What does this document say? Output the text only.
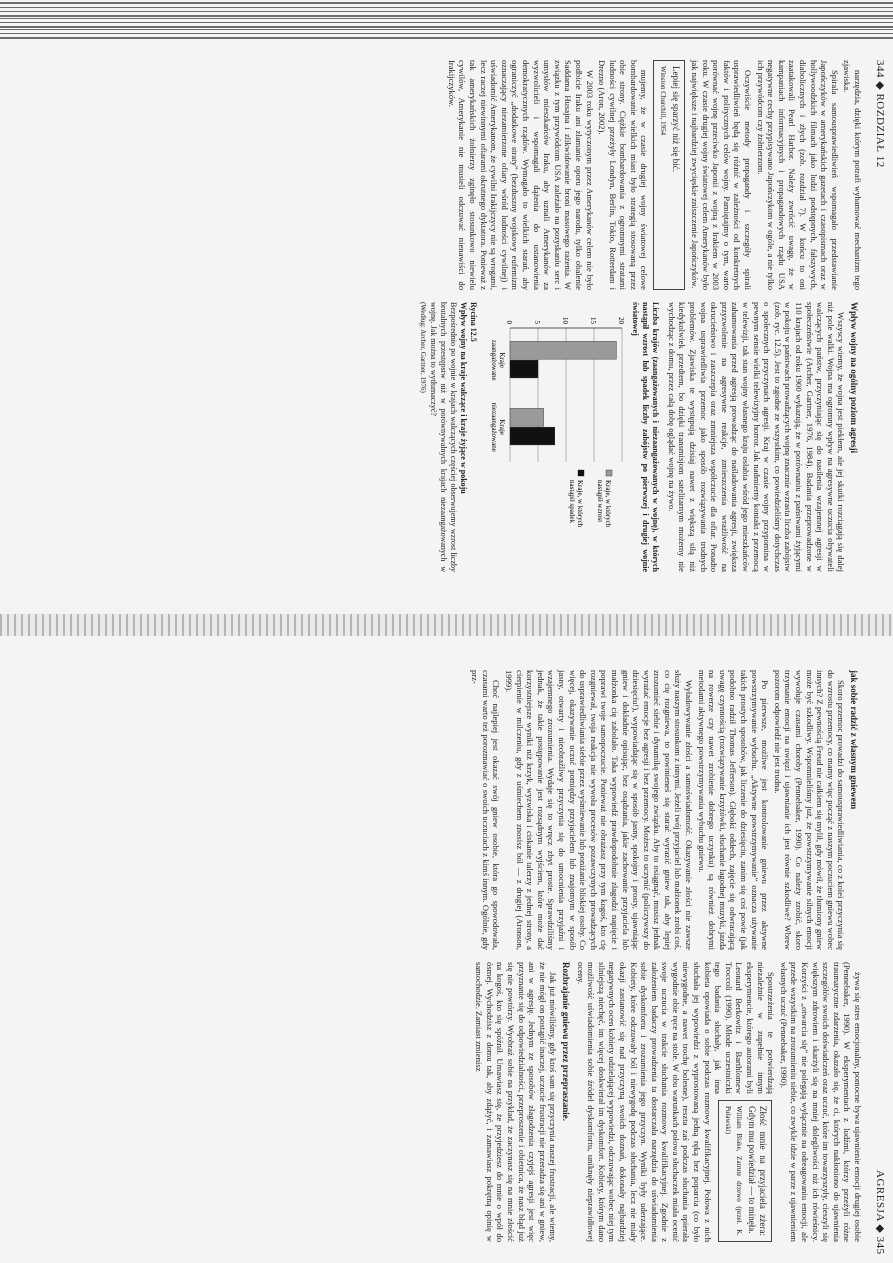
344 ◆ ROZDZIAŁ 12

narzędzia, dzięki którym potrafi wyhamować mechanizm tego zjawiska.

Spirala samousprawiedliwień wspomagało przedstawianie Japończyków w amerykańskich gazetach i czasopismach oraz w hollywoodzkich filmach jako ludzi podstępnych, fałszywych, diabolicznych i złych (zob. rozdział 7). W końcu to oni zaatakowali Pearl Harbor. Należy zwrócić uwagę, że w kampaniach informacyjnych i propagandowych rządu USA negatywne cechy przypisywano Japończykom w ogóle, a nie tylko ich przywódcom czy żołnierzom.

Oczywiście metody propagandy i szczegóły spirali usprawiedliwień będą się różnić w zależności od konkretnych faktów i politycznych celów wojny. Pamiętajmy o tym, warto porównać wojnę przeciwko Japonii z wojną z Irakiem w 2003 roku. W czasie drugiej wojny światowej celem Amerykanów było jak największe i najbardziej zwycięskie zniszczenie Japończyków.

Lepiej się sparzyć niż się bić.
Winston Churchill, 1954

mujemy, że w czasie drugiej wojny światowej celowe bombardowanie wielkich miast było strategią stosowaną przez obie strony. Ciężkie bombardowania z ogromnymi stratami ludności cywilnej przeżyły Londyn, Berlin, Tokio, Rotterdam i Drezno (Aron, 2002).

W 2003 roku wytyczonym przez Amerykanów celem nie było podbicie Iraku ani złamanie oporu jego narodu, tylko obalenie Saddama Husajna i zlikwidowanie broni masowego rażenia. W związku z tym przywódcom USA zależało na pozyskaniu serc i umysłów mieszkańców Iraku, aby uznali Amerykanów za wyzwolicieli i wspomagali dążenia do ustanowienia demokratycznych rządów. Wymagało to wielkich starań, aby ograniczyć „dodatkowe straty” (bezduszny wojskowy eufemizm oznaczający niezamierzone ofiary wśród ludności cywilnej) i uświadomić Amerykanom, że cywilni Irakijczycy nie są wrogami, lecz raczej niewinnymi ofiarami okrutnego dyktatora. Ponieważ z tak amerykańskich żołnierzy zginęło stosunkowo niewielu cywilów, Amerykanie nie musieli odczuwać nienawiści do Irakijczyków.

Wpływ wojny na ogólny poziom agresji

Wszyscy wiemy, że wojna jest piekłem, ale jej skutki rozciągają się dalej niż pole walki. Wojna ma ogromny wpływ na agresywne uczucia obywateli walczących państw, przyczyniając się do nasilenia wzajemnej agresji w społeczeństwie (Archer, Gartner, 1976, 1984). Badania przeprowadzone w 110 krajach od roku 1900 wykazują, że w porównaniu z państwami żyjącymi w pokoju w państwach prowadzących wojnę znacznie wzrasta liczba zabójstw (zob. ryc. 12.5). Jest to zgodne ze wszystkim, co powiedzieliśmy dotychczas o społecznych przyczynach agresji. Kraj w czasie wojny przypomina w pewnym sensie wielki telewizyjny horror. Jak nadmierny kontakt z przemocą w telewizji, tak stan wojny własnego kraju osłabia wśród jego mieszkańców zahamowania przed agresją prowadząc do naśladowania agresji, zwiększa przyzwolenie na agresywne reakcje, zmieszczenia wrażliwość na okrucieństwo i zaszczepia oraz zmniejsza współczucie dla ofiar. Ponadto wojna usprawiedliwia przemoc jako sposób rozwiązywania trudnych problemów. Zjawiska te występują dzisiaj nawet z większą siłą niż kiedykolwiek przedtem, bo dzięki transmisjom satelitarnym możemy nie wychodząc z domu, przez całą dobę oglądać wojnę na żywo.

Liczba krajów (zaangażowanych i niezaangażowanych w wojnę), w których nastąpił wzrost lub spadek liczby zabójstw po pierwszej i drugiej wojnie światowej
0	5	10	15	20
Kraje
zaangażowane
Kraje
niezaangażowane
Kraje, w których
nastąpił wzrost
Kraje, w których
nastąpił spadek
Rycina 12.5
Wpływ wojny na kraje walczące i kraje żyjące w pokoju
Bezpośrednio po wojnie w krajach walczących częściej obserwujemy wzrost liczby brutalnych przestępstw niż w porównywalnych krajach niezaangażowanych w wojnę. Jak można to wytłumaczyć?
(Według: Archer, Gartner, 1976)
AGRESJA ◆ 345
jak sobie radzić z własnym gniewem

Skoro przemoc prowadzi do samousprawiedliwiania, co z kolei przyczynia się do wzrostu przemocy, co mamy więc począć z naszym poczuciem gniewu wobec innych? Z pewnością Freud nie całkiem się mylił, gdy mówił, że tłumiony gniew może być szkodliwy. Wspomnieliśmy już, że powstrzymywanie silnych emocji wywołuje czasami choroby (Pennebaker, 1990). Co należy zrobić, skoro trzymanie emocji na uwięzi i ujawnianie ich jest równie szkodliwe? Wbrew pozorom odpowiedź nie jest trudna.

Po pierwsze, możliwe jest kontrolowanie gniewu przez aktywne powstrzymywanie wybuchu. „Aktywne powstrzymywanie” oznacza używanie takich prostych sposobów, jak liczenie do dziesięciu, zanim się coś powie (jak podobno radził Thomas Jefferson). Głęboki oddech, zajęcie się odwracającą uwagę czynnością (rozwiązywanie krzyżówki, słuchanie łagodnej muzyki, jazda na rowerze czy nawet zrobienie dobrego uczynku) są również dobrymi metodami aktywnego powstrzymywania wybuchu gniewu.

Wyładowywanie złości a samoświadomość. Okazywanie złości nie zawsze służy naszym stosunkom z innymi. Jeżeli twój przyjaciel lub małżonek zrobi coś, co cię rozgniewa, to powinieneś się starać wyrazić gniew tak, aby lepiej zrozumieć siebie i dynamikę swojego związku. Aby to osiągnąć, musisz jednak wyrażać emocje bez agresji i bez przemocy. Możesz to uczynić (policzywszy do dziesięciu!), wypowiadając się w sposób jasny, spokojny i prosty, ujawniając gniew i dokładnie opisując, bez osądzania, jakie zachowanie przyjaciela lub małżonka cię zabolało. Taka wypowiedź prawdopodobnie złagodzi napięcie i poprawi twoje samopoczucie. Ponieważ nie obrażasz przy tym kogoś, kto cię rozgniewał, twoja reakcja nie wywoła procesów pozawczynych prowadzących do usprawiedliwiania siebie przez wyśmiewanie lub poniżanie bliskiej osoby. Co więcej, okazywanie uczuć pomiędzy przyjacielem lub znajomym w sposób jasny, otwarty i nieobraźliwy przyczynia się do umocnienia przyjaźni i wzajemnego zrozumienia. Wydaje się to wręcz zbyt proste. Sprawdziliśmy jednak, że takie postępowanie jest rozsądnym wyjściem, które może dać korzystniejsze wyniki niż krzyk, wyzwiska i ciskanie talerzy z jednej strony, a cierpienie w milczeniu, gdy z uśmiechem znosisz ból — z drugiej (Aronson, 1999).

Choć najlepiej jest okazać swój gniew osobie, która go spowodowała, czasami warto też porozmawiać o swoich uczuciach z kimś innym. Ogólnie, gdy prz-

żywa się stres emocjonalny, pomocne bywa ujawnienie emocji drugiej osobie (Pennebaker, 1990). W eksperymentach z ludźmi, którzy przeżyli różne traumatyczne zdarzenia, okazało się, że ci, których nakłoniono do ujawnienia szczegółów swoich doświadczeń oraz uczuć, które im towarzyszyły, cieszyli się większym zdrowiem i skarżyli się na mniej dolegliwości niż ich rówieśnicy. Korzyści z „otwarcia się” nie polegają wyłącznie na odreagowaniu emocji, ale przede wszystkim na zrozumieniu siebie, co zwykle idzie w parze z ujawnieniem własnych uczuć (Pennebaker, 1990).

Złość mnie na przyjaciela zżera: Gdym mu powiedział — to minęła.
William Blake, Zatrute drzewo (przeł. K. Puławski)

Spostrzeżenia te potwierdzają niezależnie w zupełnie innym eksperymencie, którego autorami byli Leonard Berkowitz i Barthlomew Troccoli (1990). Młode uczestniczki tego badania słuchały, jak inna kobieta opowiada o sobie podczas rozmowy kwalifikacyjnej. Połowa z nich słuchała jej wypowiedzi z wyprostowaną jedną ręką bez poparcia (co było niewygodne, a nawet trochę bolesne), reszta zaś podczas słuchania opierała wygodnie obie ręce na stole. W obu warunkach połowa słuchaczek miała ocenić swoje uczucia w trakcie słuchania rozmowy kwalifikacyjnej. Zgodnie z założeniem badaczy prowadzenia ta dostarczała narzędzia do uświadomienia sobie dyskomfortu i zrozumienia jego przyczyn. Wyniki były uderzające. Kobiety, które odczuwały ból i niewygodę podczas słuchania, lecz nie miały okazji zastanowić się nad przyczyną swoich doznań, dokonały najbardziej negatywnych ocen kobiety udzielającej wypowiedzi, odczuwając wobec niej tym silniejszą niechęć, im więcej doskwierał im dyskomfort. Kobiety, którym dano możliwość uświadomienia sobie źródeł dyskomfortu, uniknęły nieprawidłowej oceny.

Rozbrajanie gniewu przez przepraszanie.

Jak już mówiliśmy, gdy ktoś sam się przyczynia naszej frustracji, ale wiemy, że nie mógł on postąpić inaczej, uczucie frustracji nie przeradza się ani w gniew, ani w agresję. Jednym ze sposobów złagodzenia czyjejś agresji jest więc przyznanie się do odpowiedzialności, przeproszenie i obietnica, że nasz błąd już się nie powtórzy. Wyobraź sobie na przykład, że zaczynasz się na mnie złościć na kogoś, kto się spóźnił. Umawiasz się, że przyjedziesz do mnie o wpół do ósmej. Wychodzisz z domu tak, aby zdążyć, i zamawiasz pokrętną opinię w samochodzie. Zamiast zmienisz
